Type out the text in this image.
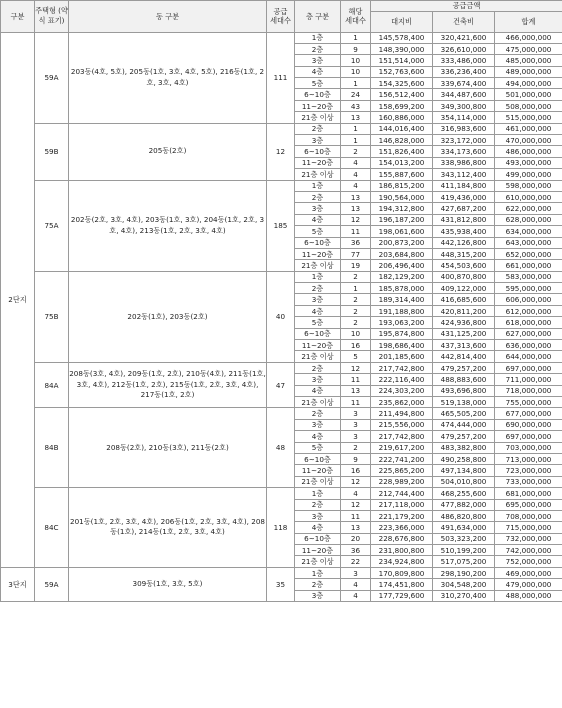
구분	주택형 (약식 표기)	동 구분	공급
세대수	층 구분	해당
세대수	공급금액		
						대지비	건축비	합계
2단지	59A	203동(4호, 5호), 205동(1호, 3호, 4호, 5호), 216동(1호, 2호, 3호, 4호)	111	1층	1	145,578,400	320,421,600	466,000,000
				2층	9	148,390,000	326,610,000	475,000,000
				3층	10	151,514,000	333,486,000	485,000,000
				4층	10	152,763,600	336,236,400	489,000,000
				5층	1	154,325,600	339,674,400	494,000,000
				6~10층	24	156,512,400	344,487,600	501,000,000
				11~20층	43	158,699,200	349,300,800	508,000,000
				21층 이상	13	160,886,000	354,114,000	515,000,000
	59B	205동(2호)	12	2층	1	144,016,400	316,983,600	461,000,000
				3층	1	146,828,000	323,172,000	470,000,000
				6~10층	2	151,826,400	334,173,600	486,000,000
				11~20층	4	154,013,200	338,986,800	493,000,000
				21층 이상	4	155,887,600	343,112,400	499,000,000
	75A	202동(2호, 3호, 4호), 203동(1호, 3호), 204동(1호, 2호, 3호, 4호), 213동(1호, 2호, 3호, 4호)	185	1층	4	186,815,200	411,184,800	598,000,000
				2층	13	190,564,000	419,436,000	610,000,000
				3층	13	194,312,800	427,687,200	622,000,000
				4층	12	196,187,200	431,812,800	628,000,000
				5층	11	198,061,600	435,938,400	634,000,000
				6~10층	36	200,873,200	442,126,800	643,000,000
				11~20층	77	203,684,800	448,315,200	652,000,000
				21층 이상	19	206,496,400	454,503,600	661,000,000
	75B	202동(1호), 203동(2호)	40	1층	2	182,129,200	400,870,800	583,000,000
				2층	1	185,878,000	409,122,000	595,000,000
				3층	2	189,314,400	416,685,600	606,000,000
				4층	2	191,188,800	420,811,200	612,000,000
				5층	2	193,063,200	424,936,800	618,000,000
				6~10층	10	195,874,800	431,125,200	627,000,000
				11~20층	16	198,686,400	437,313,600	636,000,000
				21층 이상	5	201,185,600	442,814,400	644,000,000
	84A	208동(3호, 4호), 209동(1호, 2호), 210동(4호), 211동(1호, 3호, 4호), 212동(1호, 2호), 215동(1호, 2호, 3호, 4호), 217동(1호, 2호)	47	2층	12	217,742,800	479,257,200	697,000,000
				3층	11	222,116,400	488,883,600	711,000,000
				4층	13	224,303,200	493,696,800	718,000,000
				21층 이상	11	235,862,000	519,138,000	755,000,000
	84B	208동(2호), 210동(3호), 211동(2호)	48	2층	3	211,494,800	465,505,200	677,000,000
				3층	3	215,556,000	474,444,000	690,000,000
				4층	3	217,742,800	479,257,200	697,000,000
				5층	2	219,617,200	483,382,800	703,000,000
				6~10층	9	222,741,200	490,258,800	713,000,000
				11~20층	16	225,865,200	497,134,800	723,000,000
				21층 이상	12	228,989,200	504,010,800	733,000,000
	84C	201동(1호, 2호, 3호, 4호), 206동(1호, 2호, 3호, 4호), 208동(1호), 214동(1호, 2호, 3호, 4호)	118	1층	4	212,744,400	468,255,600	681,000,000
				2층	12	217,118,000	477,882,000	695,000,000
				3층	11	221,179,200	486,820,800	708,000,000
				4층	13	223,366,000	491,634,000	715,000,000
				6~10층	20	228,676,800	503,323,200	732,000,000
				11~20층	36	231,800,800	510,199,200	742,000,000
				21층 이상	22	234,924,800	517,075,200	752,000,000
3단지	59A	309동(1호, 3호, 5호)	35	1층	3	170,809,800	298,190,200	469,000,000
				2층	4	174,451,800	304,548,200	479,000,000
				3층	4	177,729,600	310,270,400	488,000,000
